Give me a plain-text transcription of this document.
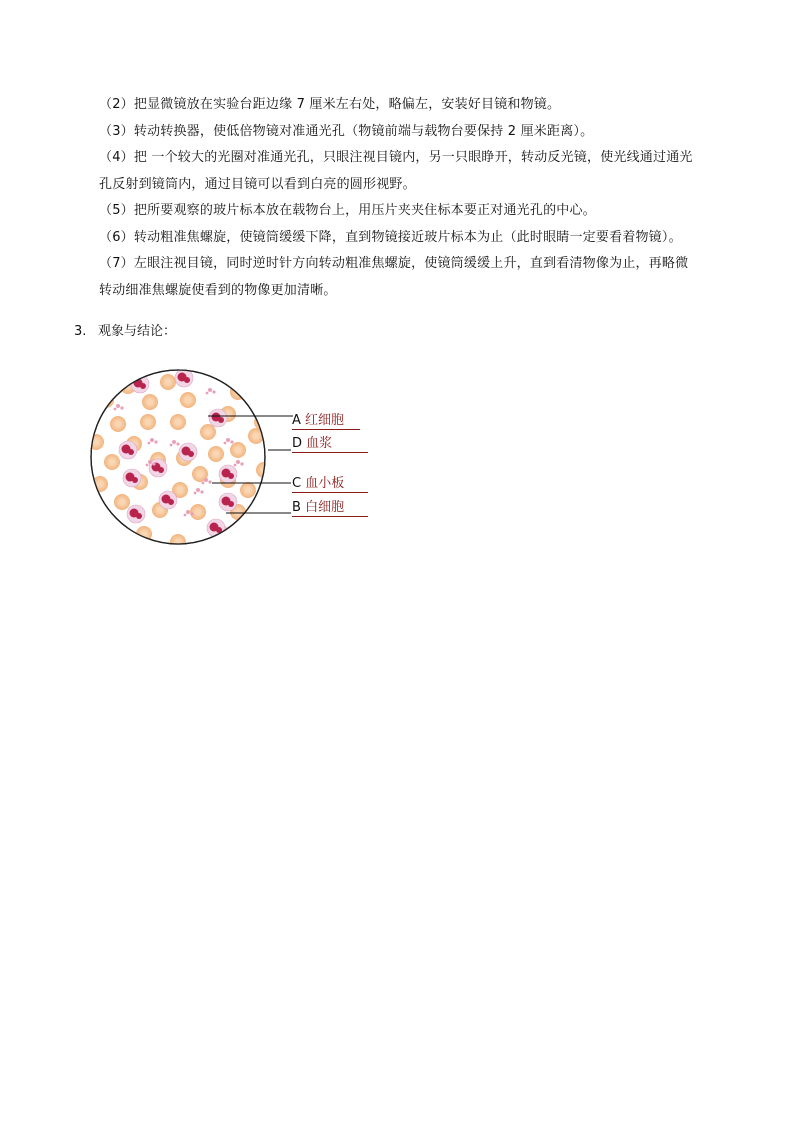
（2）把显微镜放在实验台距边缘 7 厘米左右处，略偏左，安装好目镜和物镜。

（3）转动转换器，使低倍物镜对准通光孔（物镜前端与载物台要保持 2 厘米距离）。

（4）把 一个较大的光圈对准通光孔，只眼注视目镜内，另一只眼睁开，转动反光镜，使光线通过通光

孔反射到镜筒内，通过目镜可以看到白亮的圆形视野。

（5）把所要观察的玻片标本放在载物台上，用压片夹夹住标本要正对通光孔的中心。

（6）转动粗准焦螺旋，使镜筒缓缓下降，直到物镜接近玻片标本为止（此时眼睛一定要看着物镜）。

（7）左眼注视目镜，同时逆时针方向转动粗准焦螺旋，使镜筒缓缓上升，直到看清物像为止，再略微

转动细准焦螺旋使看到的物像更加清晰。

3. 观象与结论：
A 红细胞
D 血浆
C 血小板
B 白细胞
